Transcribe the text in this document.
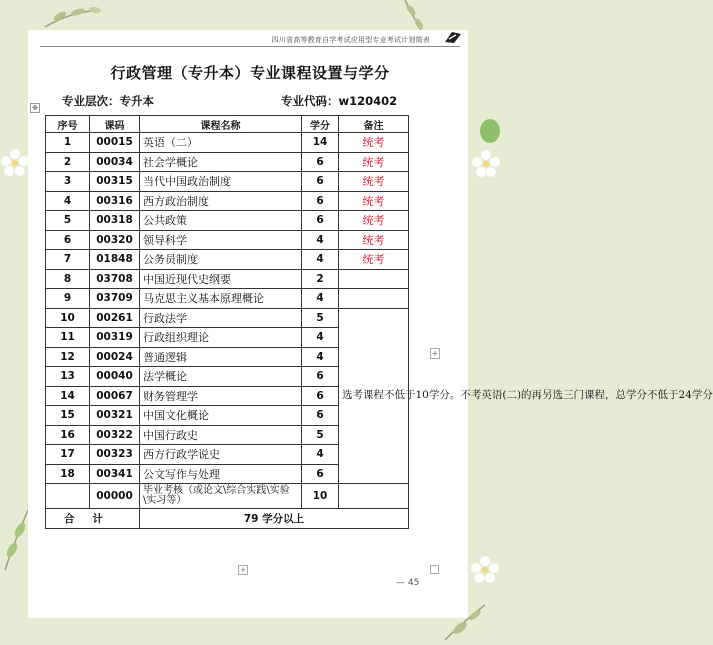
四川省高等教育自学考试应用型专业考试计划简表
行政管理（专升本）专业课程设置与学分
✥ 专业层次：专升本	专业代码：w120402
序号	课码	课程名称	学分	备注
1	00015	英语（二）	14	统考
2	00034	社会学概论	6	统考
3	00315	当代中国政治制度	6	统考
4	00316	西方政治制度	6	统考
5	00318	公共政策	6	统考
6	00320	领导科学	4	统考
7	01848	公务员制度	4	统考
8	03708	中国近现代史纲要	2	
9	03709	马克思主义基本原理概论	4	
10	00261	行政法学	5	选考课程不低于10学分。不考英语(二)的再另选三门课程，总学分不低于24学分
11	00319	行政组织理论	4	
12	00024	普通逻辑	4	
13	00040	法学概论	6	
14	00067	财务管理学	6	
15	00321	中国文化概论	6	
16	00322	中国行政史	5	
17	00323	西方行政学说史	4	
18	00341	公文写作与处理	6	
	00000	毕业考核（或论文\综合实践\实验\实习等）	10	
合计		79 学分以上		
+
+
— 45
